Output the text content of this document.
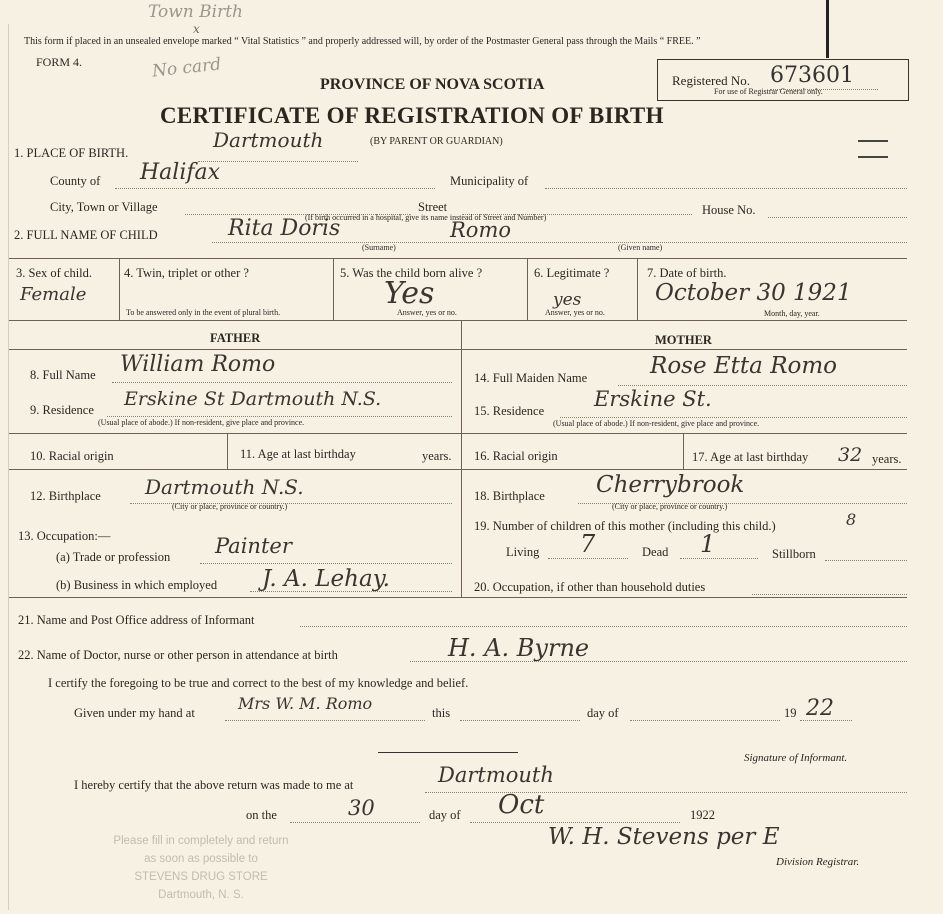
Town Birth
x
No card
This form if placed in an unsealed envelope marked “ Vital Statistics ” and properly addressed will, by order of the Postmaster General pass through the Mails “ FREE. ”
FORM 4.
PROVINCE OF NOVA SCOTIA
CERTIFICATE OF REGISTRATION OF BIRTH
(BY PARENT OR GUARDIAN)
Registered No. 673601
For use of Registrar General only.
1. PLACE OF BIRTH.
Dartmouth
County of Halifax	Municipality of
City, Town or Village	Street	House No.
(If birth occurred in a hospital, give its name instead of Street and Number)
2. FULL NAME OF CHILD	Rita Doris	Romo
(Surname)	(Given name)
3. Sex of child.
Female
4. Twin, triplet or other ?
To be answered only in the event of plural birth.
5. Was the child born alive ?
Yes
Answer, yes or no.
6. Legitimate ?
yes
Answer, yes or no.
7. Date of birth.
October 30 1921
Month, day, year.
FATHER	MOTHER
8. Full Name William Romo
9. Residence Erskine St Dartmouth N.S.
(Usual place of abode.) If non-resident, give place and province.
10. Racial origin	11. Age at last birthday	years.
12. Birthplace Dartmouth N.S.
(City or place, province or country.)
13. Occupation:—
(a) Trade or profession Painter
(b) Business in which employed J. A. Lehay.
14. Full Maiden Name	Rose Etta Romo
15. Residence Erskine St.
(Usual place of abode.) If non-resident, give place and province.
16. Racial origin	17. Age at last birthday 32 years.
18. Birthplace Cherrybrook
(City or place, province or country.)
19. Number of children of this mother (including this child.)	8
Living 7	Dead 1	Stillborn
20. Occupation, if other than household duties
21. Name and Post Office address of Informant
22. Name of Doctor, nurse or other person in attendance at birth	H. A. Byrne
I certify the foregoing to be true and correct to the best of my knowledge and belief.
Given under my hand at	Mrs W. M. Romo	this	day of	19 22
Signature of Informant.
I hereby certify that the above return was made to me at	Dartmouth
on the	30	day of Oct	1922
W. H. Stevens per E
Division Registrar.
Please fill in completely and return
as soon as possible to
STEVENS DRUG STORE
Dartmouth, N. S.
